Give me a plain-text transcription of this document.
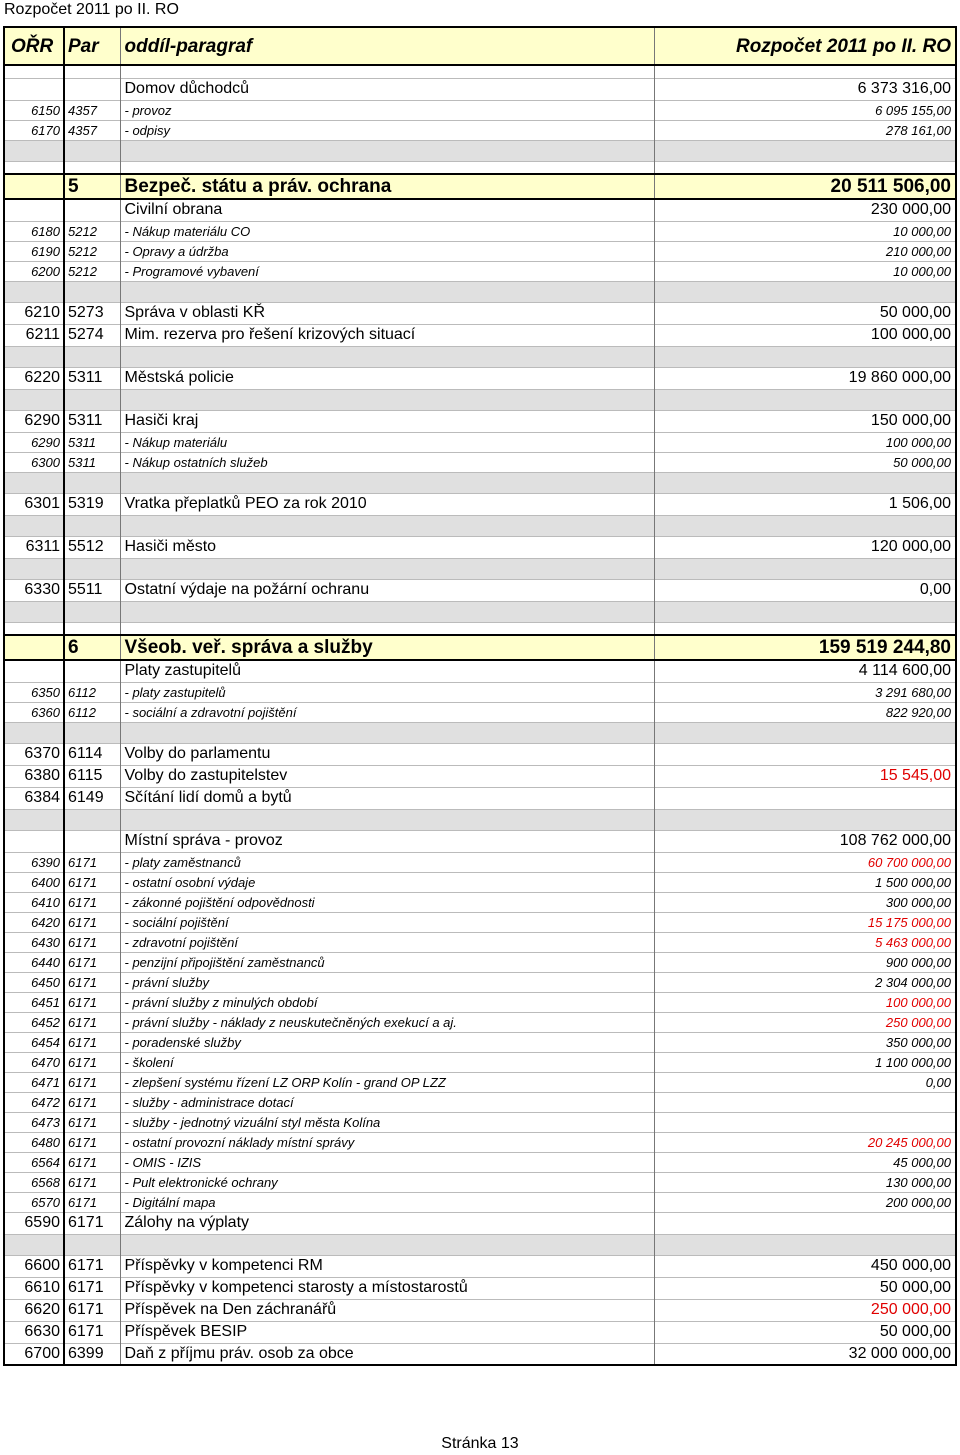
Rozpočet 2011 po II. RO
OŘR	Par	oddíl-paragraf	Rozpočet 2011 po II. RO

		Domov důchodců	6 373 316,00
6150	4357	- provoz	6 095 155,00
6170	4357	- odpisy	278 161,00

	5	Bezpeč. státu a práv. ochrana	20 511 506,00
		Civilní obrana	230 000,00
6180	5212	- Nákup materiálu CO	10 000,00
6190	5212	- Opravy a údržba	210 000,00
6200	5212	- Programové vybavení	10 000,00

6210	5273	Správa v oblasti KŘ	50 000,00
6211	5274	Mim. rezerva pro řešení krizových situací	100 000,00

6220	5311	Městská policie	19 860 000,00

6290	5311	Hasiči kraj	150 000,00
6290	5311	- Nákup materiálu	100 000,00
6300	5311	- Nákup ostatních služeb	50 000,00

6301	5319	Vratka přeplatků PEO za rok 2010	1 506,00

6311	5512	Hasiči město	120 000,00

6330	5511	Ostatní výdaje na požární ochranu	0,00

	6	Všeob. veř. správa a služby	159 519 244,80
		Platy zastupitelů	4 114 600,00
6350	6112	- platy zastupitelů	3 291 680,00
6360	6112	- sociální a zdravotní pojištění	822 920,00

6370	6114	Volby do parlamentu	
6380	6115	Volby do zastupitelstev	15 545,00
6384	6149	Sčítání lidí domů a bytů	

		Místní správa - provoz	108 762 000,00
6390	6171	- platy zaměstnanců	60 700 000,00
6400	6171	- ostatní osobní výdaje	1 500 000,00
6410	6171	- zákonné pojištění odpovědnosti	300 000,00
6420	6171	- sociální pojištění	15 175 000,00
6430	6171	- zdravotní pojištění	5 463 000,00
6440	6171	- penzijní připojištění zaměstnanců	900 000,00
6450	6171	- právní služby	2 304 000,00
6451	6171	- právní služby z minulých období	100 000,00
6452	6171	- právní služby - náklady z neuskutečněných exekucí a aj.	250 000,00
6454	6171	- poradenské služby	350 000,00
6470	6171	- školení	1 100 000,00
6471	6171	- zlepšení systému řízení LZ ORP Kolín - grand OP LZZ	0,00
6472	6171	- služby - administrace dotací	
6473	6171	- služby - jednotný vizuální styl města Kolína	
6480	6171	- ostatní provozní náklady místní správy	20 245 000,00
6564	6171	- OMIS - IZIS	45 000,00
6568	6171	- Pult elektronické ochrany	130 000,00
6570	6171	- Digitální mapa	200 000,00
6590	6171	Zálohy na výplaty	

6600	6171	Příspěvky v kompetenci RM	450 000,00
6610	6171	Příspěvky v kompetenci starosty a místostarostů	50 000,00
6620	6171	Příspěvek na Den záchranářů	250 000,00
6630	6171	Příspěvek BESIP	50 000,00
6700	6399	Daň z příjmu práv. osob za obce	32 000 000,00
Stránka 13
